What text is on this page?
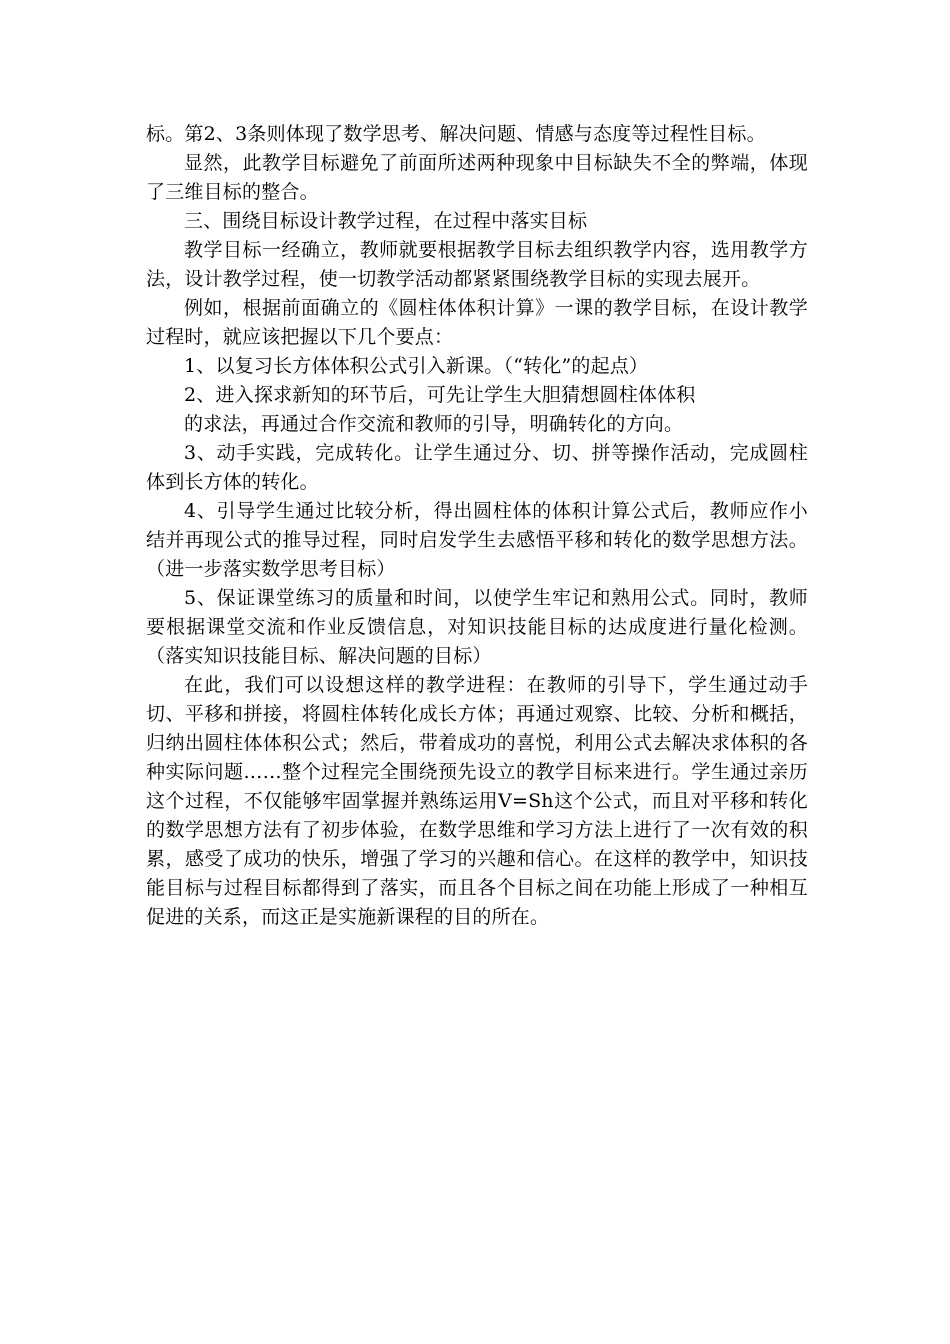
标。第2、3条则体现了数学思考、解决问题、情感与态度等过程性目标。

显然，此教学目标避免了前面所述两种现象中目标缺失不全的弊端，体现了三维目标的整合。

三、围绕目标设计教学过程，在过程中落实目标

教学目标一经确立，教师就要根据教学目标去组织教学内容，选用教学方法，设计教学过程，使一切教学活动都紧紧围绕教学目标的实现去展开。

例如，根据前面确立的《圆柱体体积计算》一课的教学目标，在设计教学过程时，就应该把握以下几个要点：

1、以复习长方体体积公式引入新课。（“转化”的起点）

2、进入探求新知的环节后，可先让学生大胆猜想圆柱体体积

的求法，再通过合作交流和教师的引导，明确转化的方向。

3、动手实践，完成转化。让学生通过分、切、拼等操作活动，完成圆柱体到长方体的转化。

4、引导学生通过比较分析，得出圆柱体的体积计算公式后，教师应作小结并再现公式的推导过程，同时启发学生去感悟平移和转化的数学思想方法。（进一步落实数学思考目标）

5、保证课堂练习的质量和时间，以使学生牢记和熟用公式。同时，教师要根据课堂交流和作业反馈信息，对知识技能目标的达成度进行量化检测。（落实知识技能目标、解决问题的目标）

在此，我们可以设想这样的教学进程：在教师的引导下，学生通过动手切、平移和拼接，将圆柱体转化成长方体；再通过观察、比较、分析和概括，归纳出圆柱体体积公式；然后，带着成功的喜悦，利用公式去解决求体积的各种实际问题……整个过程完全围绕预先设立的教学目标来进行。学生通过亲历这个过程，不仅能够牢固掌握并熟练运用V=Sh这个公式，而且对平移和转化的数学思想方法有了初步体验，在数学思维和学习方法上进行了一次有效的积累，感受了成功的快乐，增强了学习的兴趣和信心。在这样的教学中，知识技能目标与过程目标都得到了落实，而且各个目标之间在功能上形成了一种相互促进的关系，而这正是实施新课程的目的所在。
